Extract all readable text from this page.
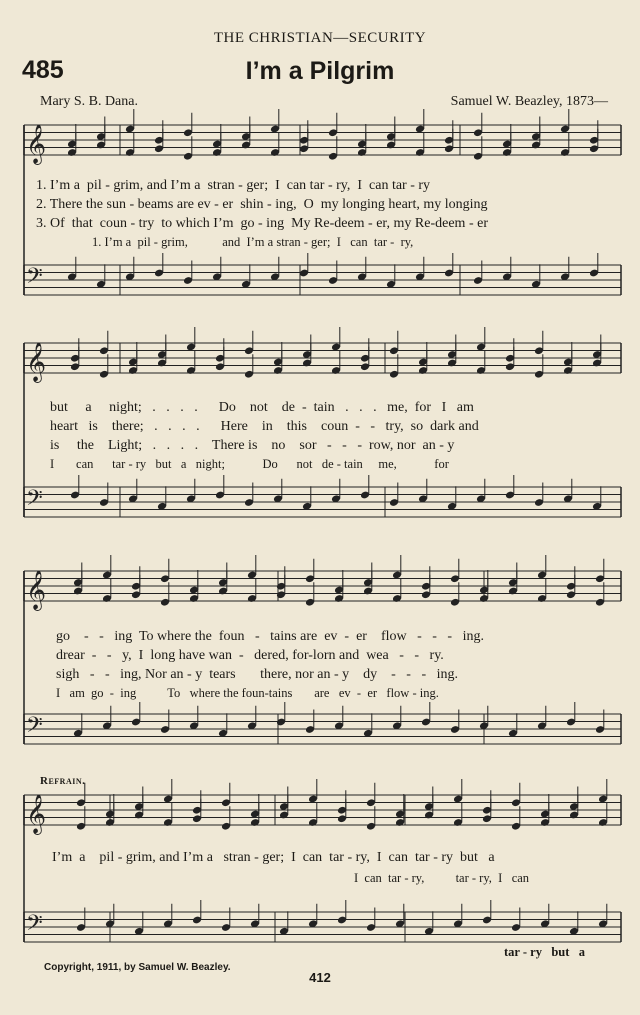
𝄞
𝄢
𝄞
𝄢
𝄞
𝄢
𝄞
𝄢
THE CHRISTIAN—SECURITY
485	I’m a Pilgrim
Mary S. B. Dana.	Samuel W. Beazley, 1873—
1. I’m a  pil - grim, and I’m a  stran - ger;  I  can tar - ry,  I  can tar - ry
2. There the sun - beams are ev - er  shin - ing,  O  my longing heart, my longing
3. Of  that  coun - try  to which I’m  go - ing  My Re-deem - er, my Re-deem - er
1. I’m a  pil - grim,           and  I’m a stran - ger;  I   can  tar -  ry,
but     a     night;   .   .   .   .      Do    not    de  -  tain   .   .   .   me,  for   I   am
heart   is    there;   .   .   .   .      Here    in    this    coun  -   -   try,  so  dark and
is     the    Light;   .   .   .   .    There is    no    sor   -   -   -  row, nor  an - y
I       can      tar - ry   but   a   night;            Do      not   de - tain     me,            for
go    -   -   ing  To where the  foun   -   tains are  ev  -  er    flow   -   -   -   ing.
drear  -   -   y,  I  long have wan  -   dered, for-lorn and  wea   -   -   ry.
sigh   -   -   ing, Nor an - y  tears       there, nor an - y    dy    -   -   -   ing.
I   am  go  -  ing          To   where the foun-tains       are   ev  -  er   flow - ing.
Refrain.
I’m  a    pil - grim, and I’m a   stran - ger;  I  can  tar - ry,  I  can  tar - ry  but   a
I  can  tar - ry,          tar - ry,  I   can
tar - ry   but   a
Copyright, 1911, by Samuel W. Beazley.
412
